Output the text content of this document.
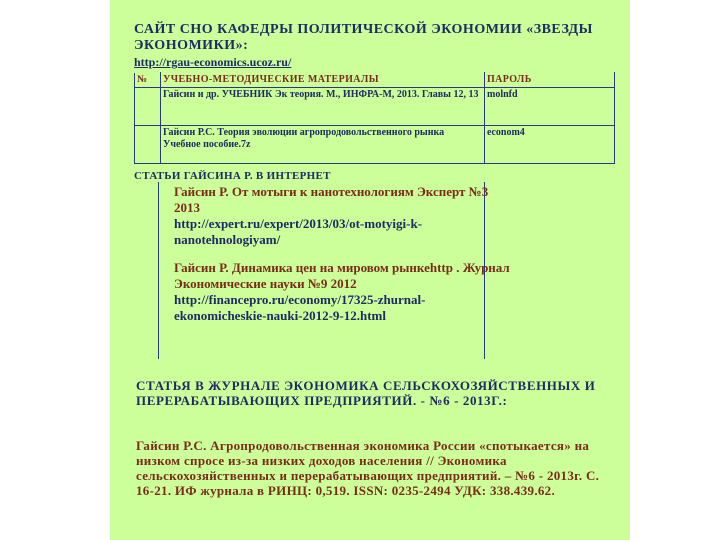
САЙТ СНО КАФЕДРЫ ПОЛИТИЧЕСКОЙ ЭКОНОМИИ «ЗВЕЗДЫ ЭКОНОМИКИ»:
http://rgau-economics.ucoz.ru/
№	УЧЕБНО-МЕТОДИЧЕСКИЕ МАТЕРИАЛЫ	ПАРОЛЬ
	Гайсин и др. УЧЕБНИК Эк теория. М., ИНФРА-М, 2013. Главы 12, 13	molnfd
	Гайсин Р.С. Теория эволюции агропродовольственного рынка Учебное пособие.7z	econom4
СТАТЬИ ГАЙСИНА Р. В ИНТЕРНЕТ
Гайсин Р. От мотыги к нанотехнологиям Эксперт №3 2013
http://expert.ru/expert/2013/03/ot-motyigi-k-nanotehnologiyam/
Гайсин Р. Динамика цен на мировом рынкеhttp . Журнал Экономические науки №9 2012
http://financepro.ru/economy/17325-zhurnal-ekonomicheskie-nauki-2012-9-12.html
СТАТЬЯ В ЖУРНАЛЕ ЭКОНОМИКА СЕЛЬСКОХОЗЯЙСТВЕННЫХ И ПЕРЕРАБАТЫВАЮЩИХ ПРЕДПРИЯТИЙ. - №6 - 2013Г.:
Гайсин Р.С. Агропродовольственная экономика России «спотыкается» на низком спросе из-за низких доходов населения // Экономика сельскохозяйственных и перерабатывающих предприятий. – №6 - 2013г. С. 16-21. ИФ журнала в РИНЦ: 0,519. ISSN: 0235-2494 УДК: 338.439.62.
